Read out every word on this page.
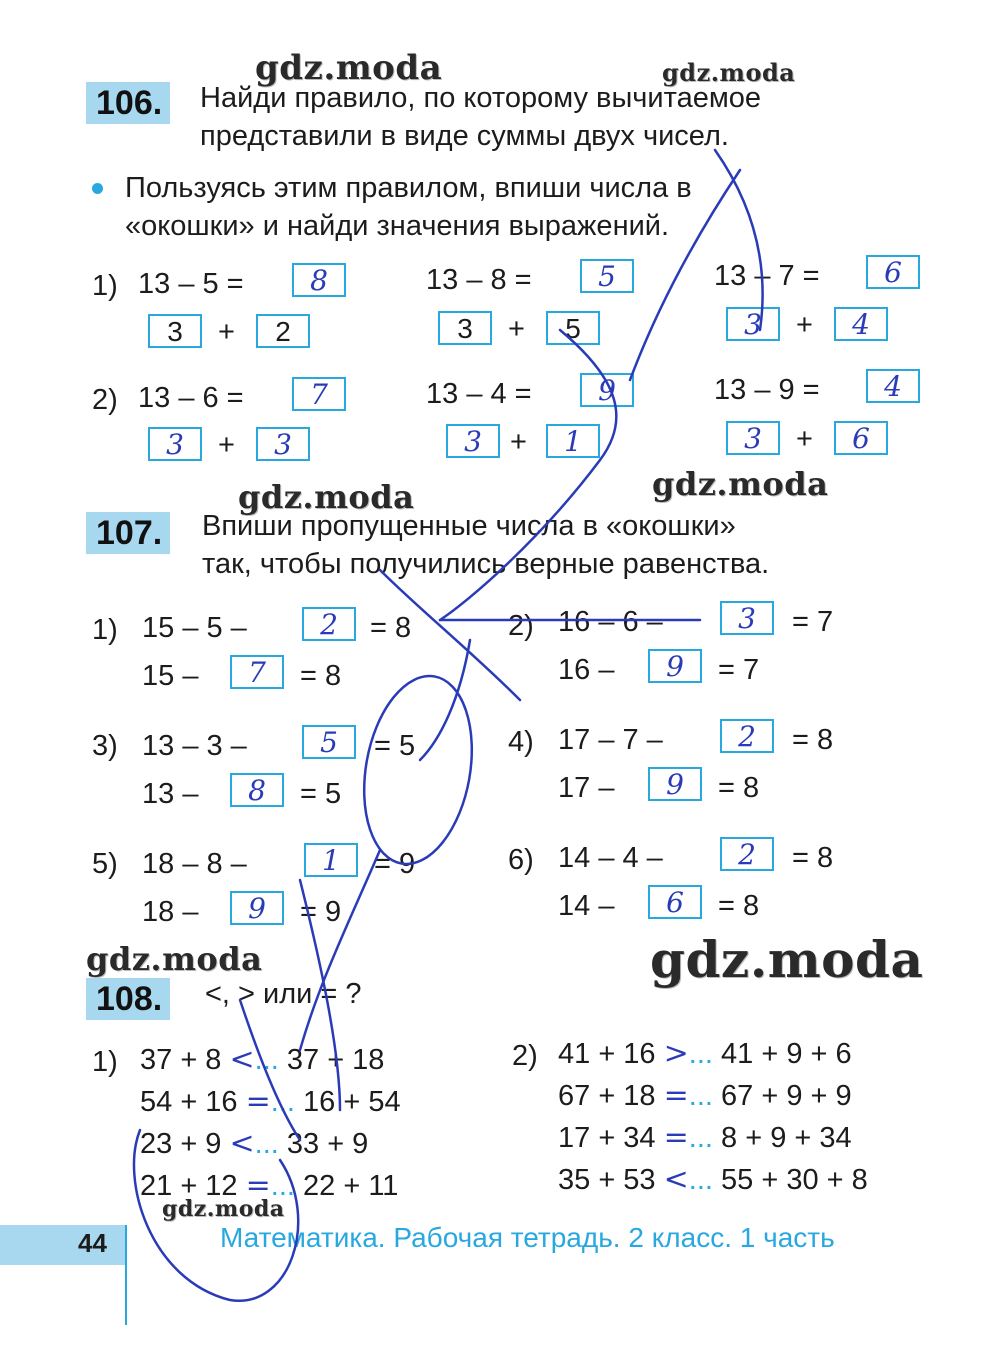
gdz.moda	gdz.moda
gdz.moda	gdz.moda
gdz.moda	gdz.moda
gdz.moda
106. Найди правило, по которому вычитаемое
представили в виде суммы двух чисел.
Пользуясь этим правилом, впиши числа в
«окошки» и найди значения выражений.
1)
2)
13 – 5 =	8
3	+	2
13 – 8 =	5
3	+	5
13 – 7 =	6
3	+	4
13 – 6 =	7
3	+	3
13 – 4 =	9
3 +	1
13 – 9 =	4
3	+	6
107. Впиши пропущенные числа в «окошки»
так, чтобы получились верные равенства.
1) 15 – 5 –	2	= 8
15 –	7	= 8
2) 16 – 6 –	3	= 7
16 –	9	= 7
3) 13 – 3 –	5	= 5
13 –	8	= 5
4) 17 – 7 –	2	= 8
17 –	9	= 8
5) 18 – 8 –	1	= 9
18 –	9	= 9
6) 14 – 4 –	2	= 8
14 –	6	= 8
108. <, > или = ?
1)	2)
37 + 8 <... 37 + 18
54 + 16 =... 16 + 54
23 + 9 <... 33 + 9
21 + 12 =... 22 + 11
41 + 16 >... 41 + 9 + 6
67 + 18 =... 67 + 9 + 9
17 + 34 =... 8 + 9 + 34
35 + 53 <... 55 + 30 + 8
44	Математика. Рабочая тетрадь. 2 класс. 1 часть
